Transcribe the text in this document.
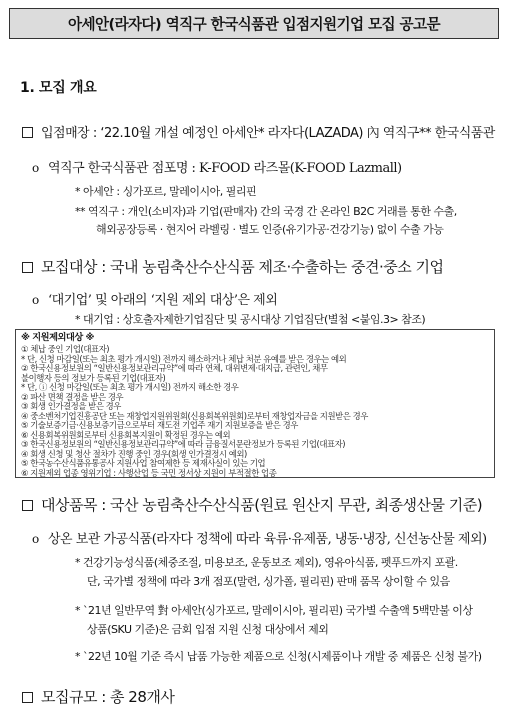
아세안(라자다) 역직구 한국식품관 입점지원기업 모집 공고문
1. 모집 개요
입점매장 : ‘22.10월 개설 예정인 아세안* 라자다(LAZADA) 內 역직구** 한국식품관
o 역직구 한국식품관 점포명 : K-FOOD 라즈몰(K-FOOD Lazmall)
* 아세안 : 싱가포르, 말레이시아, 필리핀
** 역직구 : 개인(소비자)과 기업(판매자) 간의 국경 간 온라인 B2C 거래를 통한 수출,
해외공장등록 · 현지어 라벨링 · 별도 인증(유기가공·건강기능) 없이 수출 가능
모집대상 : 국내 농림축산수산식품 제조‧수출하는 중견‧중소 기업
o ‘대기업’ 및 아래의 ‘지원 제외 대상’은 제외
* 대기업 : 상호출자제한기업집단 및 공시대상 기업집단(별첨 <붙임.3> 참조)
※ 지원제외대상 ※
① 체납 중인 기업(대표자)
* 단, 신청 마감일(또는 최초 평가 개시일) 전까지 해소하거나 체납 처분 유예를 받은 경우는 예외
② 한국신용정보원의 “일반신용정보관리규약”에 따라 연체, 대위변제·대지급, 관련인, 채무
불이행자 등의 정보가 등록된 기업(대표자)
* 단, ⓘ 신청 마감일(또는 최초 평가 개시일) 전까지 해소한 경우
② 파산 면책 결정을 받은 경우
③ 회생 인가결정을 받은 경우
④ 중소벤처기업진흥공단 또는 재창업지원위원회(신용회복위원회)로부터 재창업자금을 지원받은 경우
⑤ 기술보증기금·신용보증기금으로부터 재도전 기업주 재기 지원보증을 받은 경우
⑥ 신용회복위원회로부터 신용회복지원이 확정된 경우는 예외
③ 한국신용정보원의 “일반신용정보관리규약”에 따라 금융질서문란정보가 등록된 기업(대표자)
④ 회생 신청 및 청산 절차가 진행 중인 경우(회생 인가결정시 예외)
⑤ 한국농수산식품유통공사 지원사업 참여제한 등 제재사실이 있는 기업
⑥ 지원제외 업종 영위기업 : 사행산업 등 국민 정서상 지원이 부적절한 업종
대상품목 : 국산 농림축산수산식품(원료 원산지 무관, 최종생산물 기준)
o 상온 보관 가공식품(라자다 정책에 따라 육류·유제품, 냉동·냉장, 신선농산물 제외)
* 건강기능성식품(체중조절, 미용보조, 운동보조 제외), 영유아식품, 펫푸드까지 포괄.
단, 국가별 정책에 따라 3개 점포(말련, 싱가폴, 필리핀) 판매 품목 상이할 수 있음
* `21년 일반무역 對 아세안(싱가포르, 말레이시아, 필리핀) 국가별 수출액 5백만불 이상
상품(SKU 기준)은 금회 입점 지원 신청 대상에서 제외
* `22년 10월 기준 즉시 납품 가능한 제품으로 신청(시제품이나 개발 중 제품은 신청 불가)
모집규모 : 총 28개사
